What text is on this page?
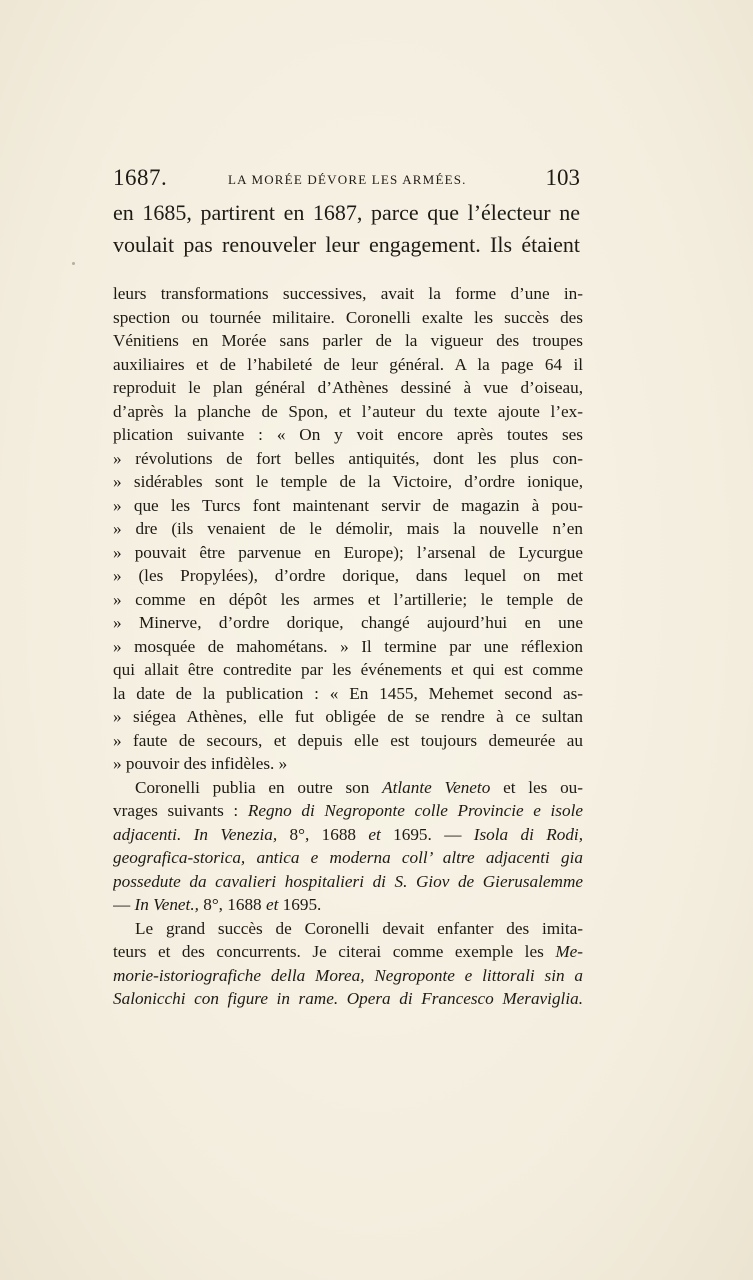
1687.	LA MORÉE DÉVORE LES ARMÉES.	103
en 1685, partirent en 1687, parce que l’électeur ne
voulait pas renouveler leur engagement. Ils étaient
leurs transformations successives, avait la forme d’une in-
spection ou tournée militaire. Coronelli exalte les succès des
Vénitiens en Morée sans parler de la vigueur des troupes
auxiliaires et de l’habileté de leur général. A la page 64 il
reproduit le plan général d’Athènes dessiné à vue d’oiseau,
d’après la planche de Spon, et l’auteur du texte ajoute l’ex-
plication suivante : « On y voit encore après toutes ses
» révolutions de fort belles antiquités, dont les plus con-
» sidérables sont le temple de la Victoire, d’ordre ionique,
» que les Turcs font maintenant servir de magazin à pou-
» dre (ils venaient de le démolir, mais la nouvelle n’en
» pouvait être parvenue en Europe); l’arsenal de Lycurgue
» (les Propylées), d’ordre dorique, dans lequel on met
» comme en dépôt les armes et l’artillerie; le temple de
» Minerve, d’ordre dorique, changé aujourd’hui en une
» mosquée de mahométans. » Il termine par une réflexion
qui allait être contredite par les événements et qui est comme
la date de la publication : « En 1455, Mehemet second as-
» siégea Athènes, elle fut obligée de se rendre à ce sultan
» faute de secours, et depuis elle est toujours demeurée au
» pouvoir des infidèles. »
Coronelli publia en outre son Atlante Veneto et les ou-
vrages suivants : Regno di Negroponte colle Provincie e isole
adjacenti. In Venezia, 8°, 1688 et 1695. — Isola di Rodi,
geografica-storica, antica e moderna coll’ altre adjacenti gia
possedute da cavalieri hospitalieri di S. Giov de Gierusalemme
— In Venet., 8°, 1688 et 1695.
Le grand succès de Coronelli devait enfanter des imita-
teurs et des concurrents. Je citerai comme exemple les Me-
morie-istoriografiche della Morea, Negroponte e littorali sin a
Salonicchi con figure in rame. Opera di Francesco Meraviglia.
